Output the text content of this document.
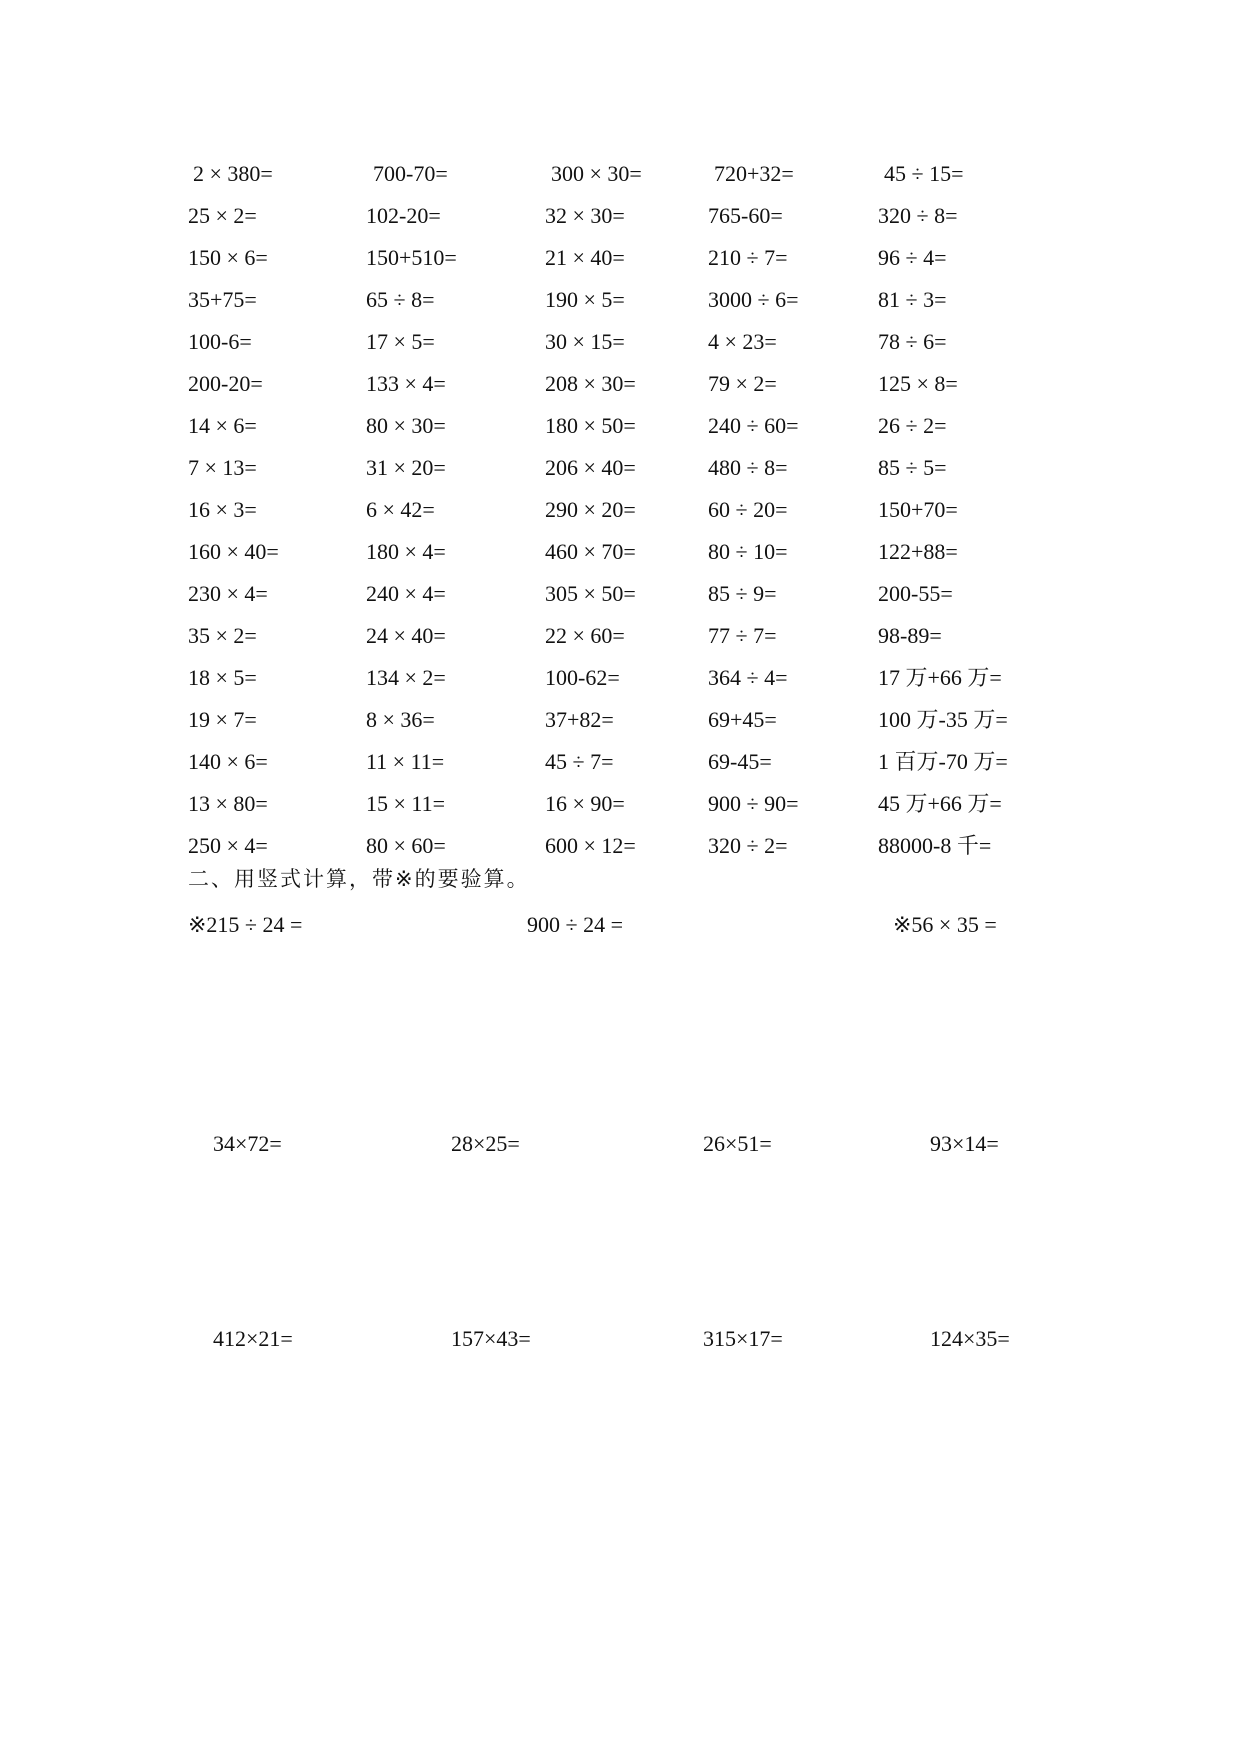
2 × 380=	700-70=	300 × 30=	720+32=	45 ÷ 15=
25 × 2=	102-20=	32 × 30=	765-60=	320 ÷ 8=
150 × 6=	150+510=	21 × 40=	210 ÷ 7=	96 ÷ 4=
35+75=	65 ÷ 8=	190 × 5=	3000 ÷ 6=	81 ÷ 3=
100-6=	17 × 5=	30 × 15=	4 × 23=	78 ÷ 6=
200-20=	133 × 4=	208 × 30=	79 × 2=	125 × 8=
14 × 6=	80 × 30=	180 × 50=	240 ÷ 60=	26 ÷ 2=
7 × 13=	31 × 20=	206 × 40=	480 ÷ 8=	85 ÷ 5=
16 × 3=	6 × 42=	290 × 20=	60 ÷ 20=	150+70=
160 × 40=	180 × 4=	460 × 70=	80 ÷ 10=	122+88=
230 × 4=	240 × 4=	305 × 50=	85 ÷ 9=	200-55=
35 × 2=	24 × 40=	22 × 60=	77 ÷ 7=	98-89=
18 × 5=	134 × 2=	100-62=	364 ÷ 4=	17 万+66 万=
19 × 7=	8 × 36=	37+82=	69+45=	100 万-35 万=
140 × 6=	11 × 11=	45 ÷ 7=	69-45=	1 百万-70 万=
13 × 80=	15 × 11=	16 × 90=	900 ÷ 90=	45 万+66 万=
250 × 4=	80 × 60=	600 × 12=	320 ÷ 2=	88000-8 千=
二、用竖式计算，带※的要验算。
※215 ÷ 24 =	900 ÷ 24 =	※56 × 35 =
34×72=	28×25=	26×51=	93×14=
412×21=	157×43=	315×17=	124×35=
